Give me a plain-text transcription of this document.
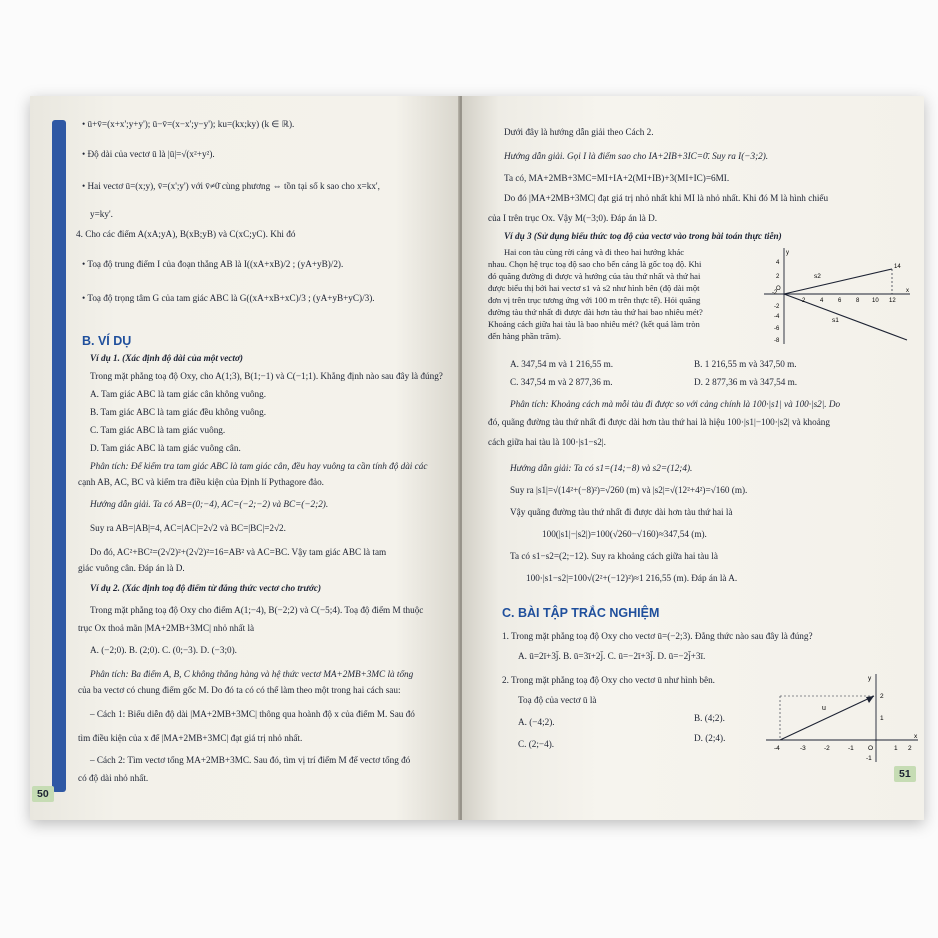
• ū+v̄=(x+x';y+y'); ū−v̄=(x−x';y−y'); ku=(kx;ky) (k ∈ ℝ).
• Độ dài của vectơ ū là |ū|=√(x²+y²).
• Hai vectơ ū=(x;y), v̄=(x';y') với v̄≠0̄ cùng phương ⇔ tồn tại số k sao cho x=kx',
y=ky'.
4. Cho các điểm A(xA;yA), B(xB;yB) và C(xC;yC). Khi đó
• Toạ độ trung điểm I của đoạn thẳng AB là I((xA+xB)/2 ; (yA+yB)/2).
• Toạ độ trọng tâm G của tam giác ABC là G((xA+xB+xC)/3 ; (yA+yB+yC)/3).
B. VÍ DỤ
Ví dụ 1. (Xác định độ dài của một vectơ)
Trong mặt phẳng toạ độ Oxy, cho A(1;3), B(1;−1) và C(−1;1). Khẳng định nào sau đây là đúng?
A. Tam giác ABC là tam giác cân không vuông.
B. Tam giác ABC là tam giác đều không vuông.
C. Tam giác ABC là tam giác vuông.
D. Tam giác ABC là tam giác vuông cân.
Phân tích: Để kiểm tra tam giác ABC là tam giác cân, đều hay vuông ta cần tính độ dài các
cạnh AB, AC, BC và kiểm tra điều kiện của Định lí Pythagore đảo.
Hướng dẫn giải. Ta có AB=(0;−4), AC=(−2;−2) và BC=(−2;2).
Suy ra AB=|AB|=4, AC=|AC|=2√2 và BC=|BC|=2√2.
Do đó, AC²+BC²=(2√2)²+(2√2)²=16=AB² và AC=BC. Vậy tam giác ABC là tam
giác vuông cân. Đáp án là D.
Ví dụ 2. (Xác định toạ độ điểm từ đẳng thức vectơ cho trước)
Trong mặt phẳng toạ độ Oxy cho điểm A(1;−4), B(−2;2) và C(−5;4). Toạ độ điểm M thuộc
trục Ox thoả mãn |MA+2MB+3MC| nhỏ nhất là
A. (−2;0). B. (2;0). C. (0;−3). D. (−3;0).
Phân tích: Ba điểm A, B, C không thẳng hàng và hệ thức vectơ MA+2MB+3MC là tổng
của ba vectơ có chung điểm gốc M. Do đó ta có có thể làm theo một trong hai cách sau:
– Cách 1: Biểu diễn độ dài |MA+2MB+3MC| thông qua hoành độ x của điểm M. Sau đó
tìm điều kiện của x để |MA+2MB+3MC| đạt giá trị nhỏ nhất.
– Cách 2: Tìm vectơ tổng MA+2MB+3MC. Sau đó, tìm vị trí điểm M để vectơ tổng đó
có độ dài nhỏ nhất.
50
Dưới đây là hướng dẫn giải theo Cách 2.
Hướng dẫn giải. Gọi I là điểm sao cho IA+2IB+3IC=0̄. Suy ra I(−3;2).
Ta có, MA+2MB+3MC=MI+IA+2(MI+IB)+3(MI+IC)=6MI.
Do đó |MA+2MB+3MC| đạt giá trị nhỏ nhất khi MI là nhỏ nhất. Khi đó M là hình chiếu
của I trên trục Ox. Vậy M(−3;0). Đáp án là D.
Ví dụ 3 (Sử dụng biểu thức toạ độ của vectơ vào trong bài toán thực tiễn)
Hai con tàu cùng rời cảng và đi theo hai hướng khác
nhau. Chọn hệ trục toạ độ sao cho bến cảng là gốc toạ độ. Khi
đó quãng đường đi được và hướng của tàu thứ nhất và thứ hai
được biểu thị bởi hai vectơ s1 và s2 như hình bên (độ dài một
đơn vị trên trục tương ứng với 100 m trên thực tế). Hỏi quãng
đường tàu thứ nhất đi được dài hơn tàu thứ hai bao nhiêu mét?
Khoảng cách giữa hai tàu là bao nhiêu mét? (kết quả làm tròn
đến hàng phần trăm).
-2
2 4 6 8 10 12
x
y
4
2
O
-2
-4
-6
-8
s2
s1
14
A. 347,54 m và 1 216,55 m.	B. 1 216,55 m và 347,50 m.
C. 347,54 m và 2 877,36 m.	D. 2 877,36 m và 347,54 m.
Phân tích: Khoảng cách mà mỗi tàu đi được so với cảng chính là 100·|s1| và 100·|s2|. Do
đó, quãng đường tàu thứ nhất đi được dài hơn tàu thứ hai là hiệu 100·|s1|−100·|s2| và khoảng
cách giữa hai tàu là 100·|s1−s2|.
Hướng dẫn giải: Ta có s1=(14;−8) và s2=(12;4).
Suy ra |s1|=√(14²+(−8)²)=√260 (m) và |s2|=√(12²+4²)=√160 (m).
Vậy quãng đường tàu thứ nhất đi được dài hơn tàu thứ hai là
100(|s1|−|s2|)=100(√260−√160)≈347,54 (m).
Ta có s1−s2=(2;−12). Suy ra khoảng cách giữa hai tàu là
100·|s1−s2|=100√(2²+(−12)²)≈1 216,55 (m). Đáp án là A.
C. BÀI TẬP TRẮC NGHIỆM
1. Trong mặt phẳng toạ độ Oxy cho vectơ ū=(−2;3). Đẳng thức nào sau đây là đúng?
A. ū=2ī+3j̄. B. ū=3ī+2j̄. C. ū=−2ī+3j̄. D. ū=−2j̄+3ī.
2. Trong mặt phẳng toạ độ Oxy cho vectơ ū như hình bên.
Toạ độ của vectơ ū là
A. (−4;2).	B. (4;2).
C. (2;−4).
D. (2;4).
-4	-3	-2	-1 O	1 2
x
y
2
1
-1
u
51
